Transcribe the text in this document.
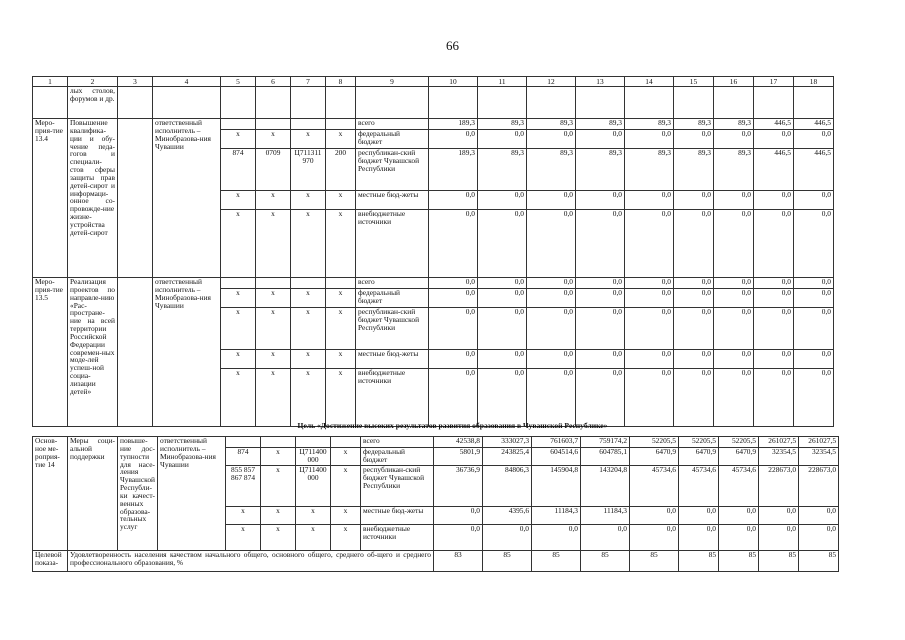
66
1	2	3	4	5	6	7	8	9	10	11	12	13	14	15	16	17	18
	лых столов, форумов и др.																
Меро-прия-тие 13.4	Повышение квалифика-ции и обу-чение педа-гогов и специали-стов сферы защиты прав детей-сирот и информаци-онное со-провожде-ние жизне-устройства детей-сирот		ответственный исполнитель – Минобразова-ния Чувашии					всего	189,3	89,3	89,3	89,3	89,3	89,3	89,3	446,5	446,5
				x	x	x	x	федеральный бюджет	0,0	0,0	0,0	0,0	0,0	0,0	0,0	0,0	0,0
				874	0709	Ц711311 970	200	республикан-ский бюджет Чувашской Республики	189,3	89,3	89,3	89,3	89,3	89,3	89,3	446,5	446,5
				x	x	x	x	местные бюд-жеты	0,0	0,0	0,0	0,0	0,0	0,0	0,0	0,0	0,0
				x	x	x	x	внебюджетные источники	0,0	0,0	0,0	0,0	0,0	0,0	0,0	0,0	0,0
Меро-прия-тие 13.5	Реализация проектов по направле-нию «Рас-простране-ние на всей территории Российской Федерации современ-ных моде-лей успеш-ной социа-лизации детей»		ответственный исполнитель – Минобразова-ния Чувашии					всего	0,0	0,0	0,0	0,0	0,0	0,0	0,0	0,0	0,0
				x	x	x	x	федеральный бюджет	0,0	0,0	0,0	0,0	0,0	0,0	0,0	0,0	0,0
				x	x	x	x	республикан-ский бюджет Чувашской Республики	0,0	0,0	0,0	0,0	0,0	0,0	0,0	0,0	0,0
				x	x	x	x	местные бюд-жеты	0,0	0,0	0,0	0,0	0,0	0,0	0,0	0,0	0,0
				x	x	x	x	внебюджетные источники	0,0	0,0	0,0	0,0	0,0	0,0	0,0	0,0	0,0
Цель «Достижение высоких результатов развития образования в Чувашской Республике»
Основ-ное ме-роприя-тие 14	Меры соци-альной поддержки	повыше-ние дос-тупности для насе-ления Чувашской Республи-ки качест-венных образова-тельных услуг	ответственный исполнитель – Минобразова-ния Чувашии					всего	42538,8	333027,3	761603,7	759174,2	52205,5	52205,5	52205,5	261027,5	261027,5
				874	x	Ц711400 000	x	федеральный бюджет	5801,9	243825,4	604514,6	604785,1	6470,9	6470,9	6470,9	32354,5	32354,5
				855 857 867 874	x	Ц711400 000	x	республикан-ский бюджет Чувашской Республики	36736,9	84806,3	145904,8	143204,8	45734,6	45734,6	45734,6	228673,0	228673,0
				x	x	x	x	местные бюд-жеты	0,0	4395,6	11184,3	11184,3	0,0	0,0	0,0	0,0	0,0
				x	x	x	x	внебюджетные источники	0,0	0,0	0,0	0,0	0,0	0,0	0,0	0,0	0,0
Целевой показа-	Удовлетворенность населения качеством начального общего, основного общего, среднего об-щего и среднего профессионального образования, %								83	85	85	85	85	85	85	85	85
